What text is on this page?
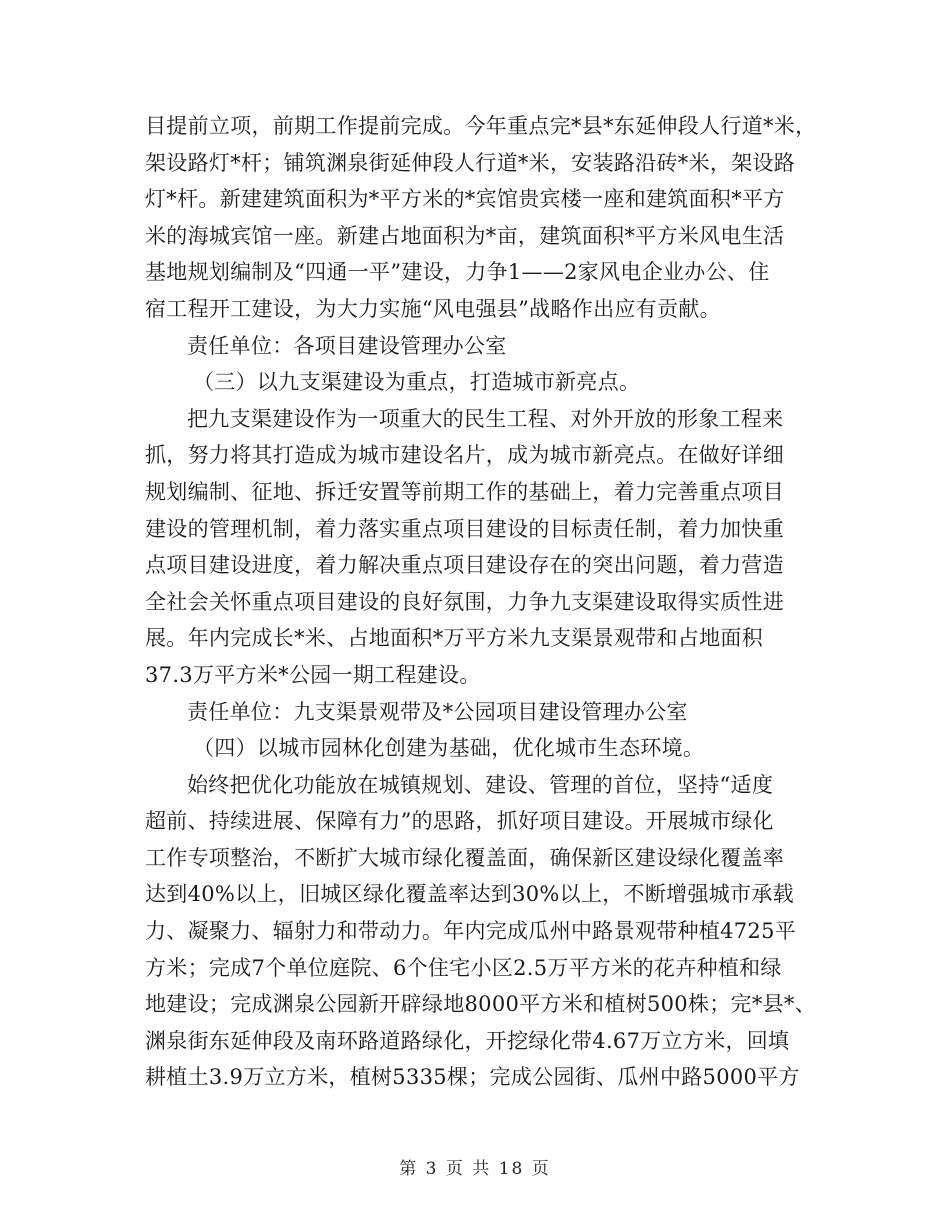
目提前立项，前期工作提前完成。今年重点完*县*东延伸段人行道*米，
架设路灯*杆；铺筑渊泉街延伸段人行道*米，安装路沿砖*米，架设路
灯*杆。新建建筑面积为*平方米的*宾馆贵宾楼一座和建筑面积*平方
米的海城宾馆一座。新建占地面积为*亩，建筑面积*平方米风电生活
基地规划编制及“四通一平”建设，力争1——2家风电企业办公、住
宿工程开工建设，为大力实施“风电强县”战略作出应有贡献。
责任单位：各项目建设管理办公室
（三）以九支渠建设为重点，打造城市新亮点。
把九支渠建设作为一项重大的民生工程、对外开放的形象工程来
抓，努力将其打造成为城市建设名片，成为城市新亮点。在做好详细
规划编制、征地、拆迁安置等前期工作的基础上，着力完善重点项目
建设的管理机制，着力落实重点项目建设的目标责任制，着力加快重
点项目建设进度，着力解决重点项目建设存在的突出问题，着力营造
全社会关怀重点项目建设的良好氛围，力争九支渠建设取得实质性进
展。年内完成长*米、占地面积*万平方米九支渠景观带和占地面积
37.3万平方米*公园一期工程建设。
责任单位：九支渠景观带及*公园项目建设管理办公室
（四）以城市园林化创建为基础，优化城市生态环境。
始终把优化功能放在城镇规划、建设、管理的首位，坚持“适度
超前、持续进展、保障有力”的思路，抓好项目建设。开展城市绿化
工作专项整治，不断扩大城市绿化覆盖面，确保新区建设绿化覆盖率
达到40%以上，旧城区绿化覆盖率达到30%以上，不断增强城市承载
力、凝聚力、辐射力和带动力。年内完成瓜州中路景观带种植4725平
方米；完成7个单位庭院、6个住宅小区2.5万平方米的花卉种植和绿
地建设；完成渊泉公园新开辟绿地8000平方米和植树500株；完*县*、
渊泉街东延伸段及南环路道路绿化，开挖绿化带4.67万立方米，回填
耕植土3.9万立方米，植树5335棵；完成公园街、瓜州中路5000平方
第 3 页 共 18 页
